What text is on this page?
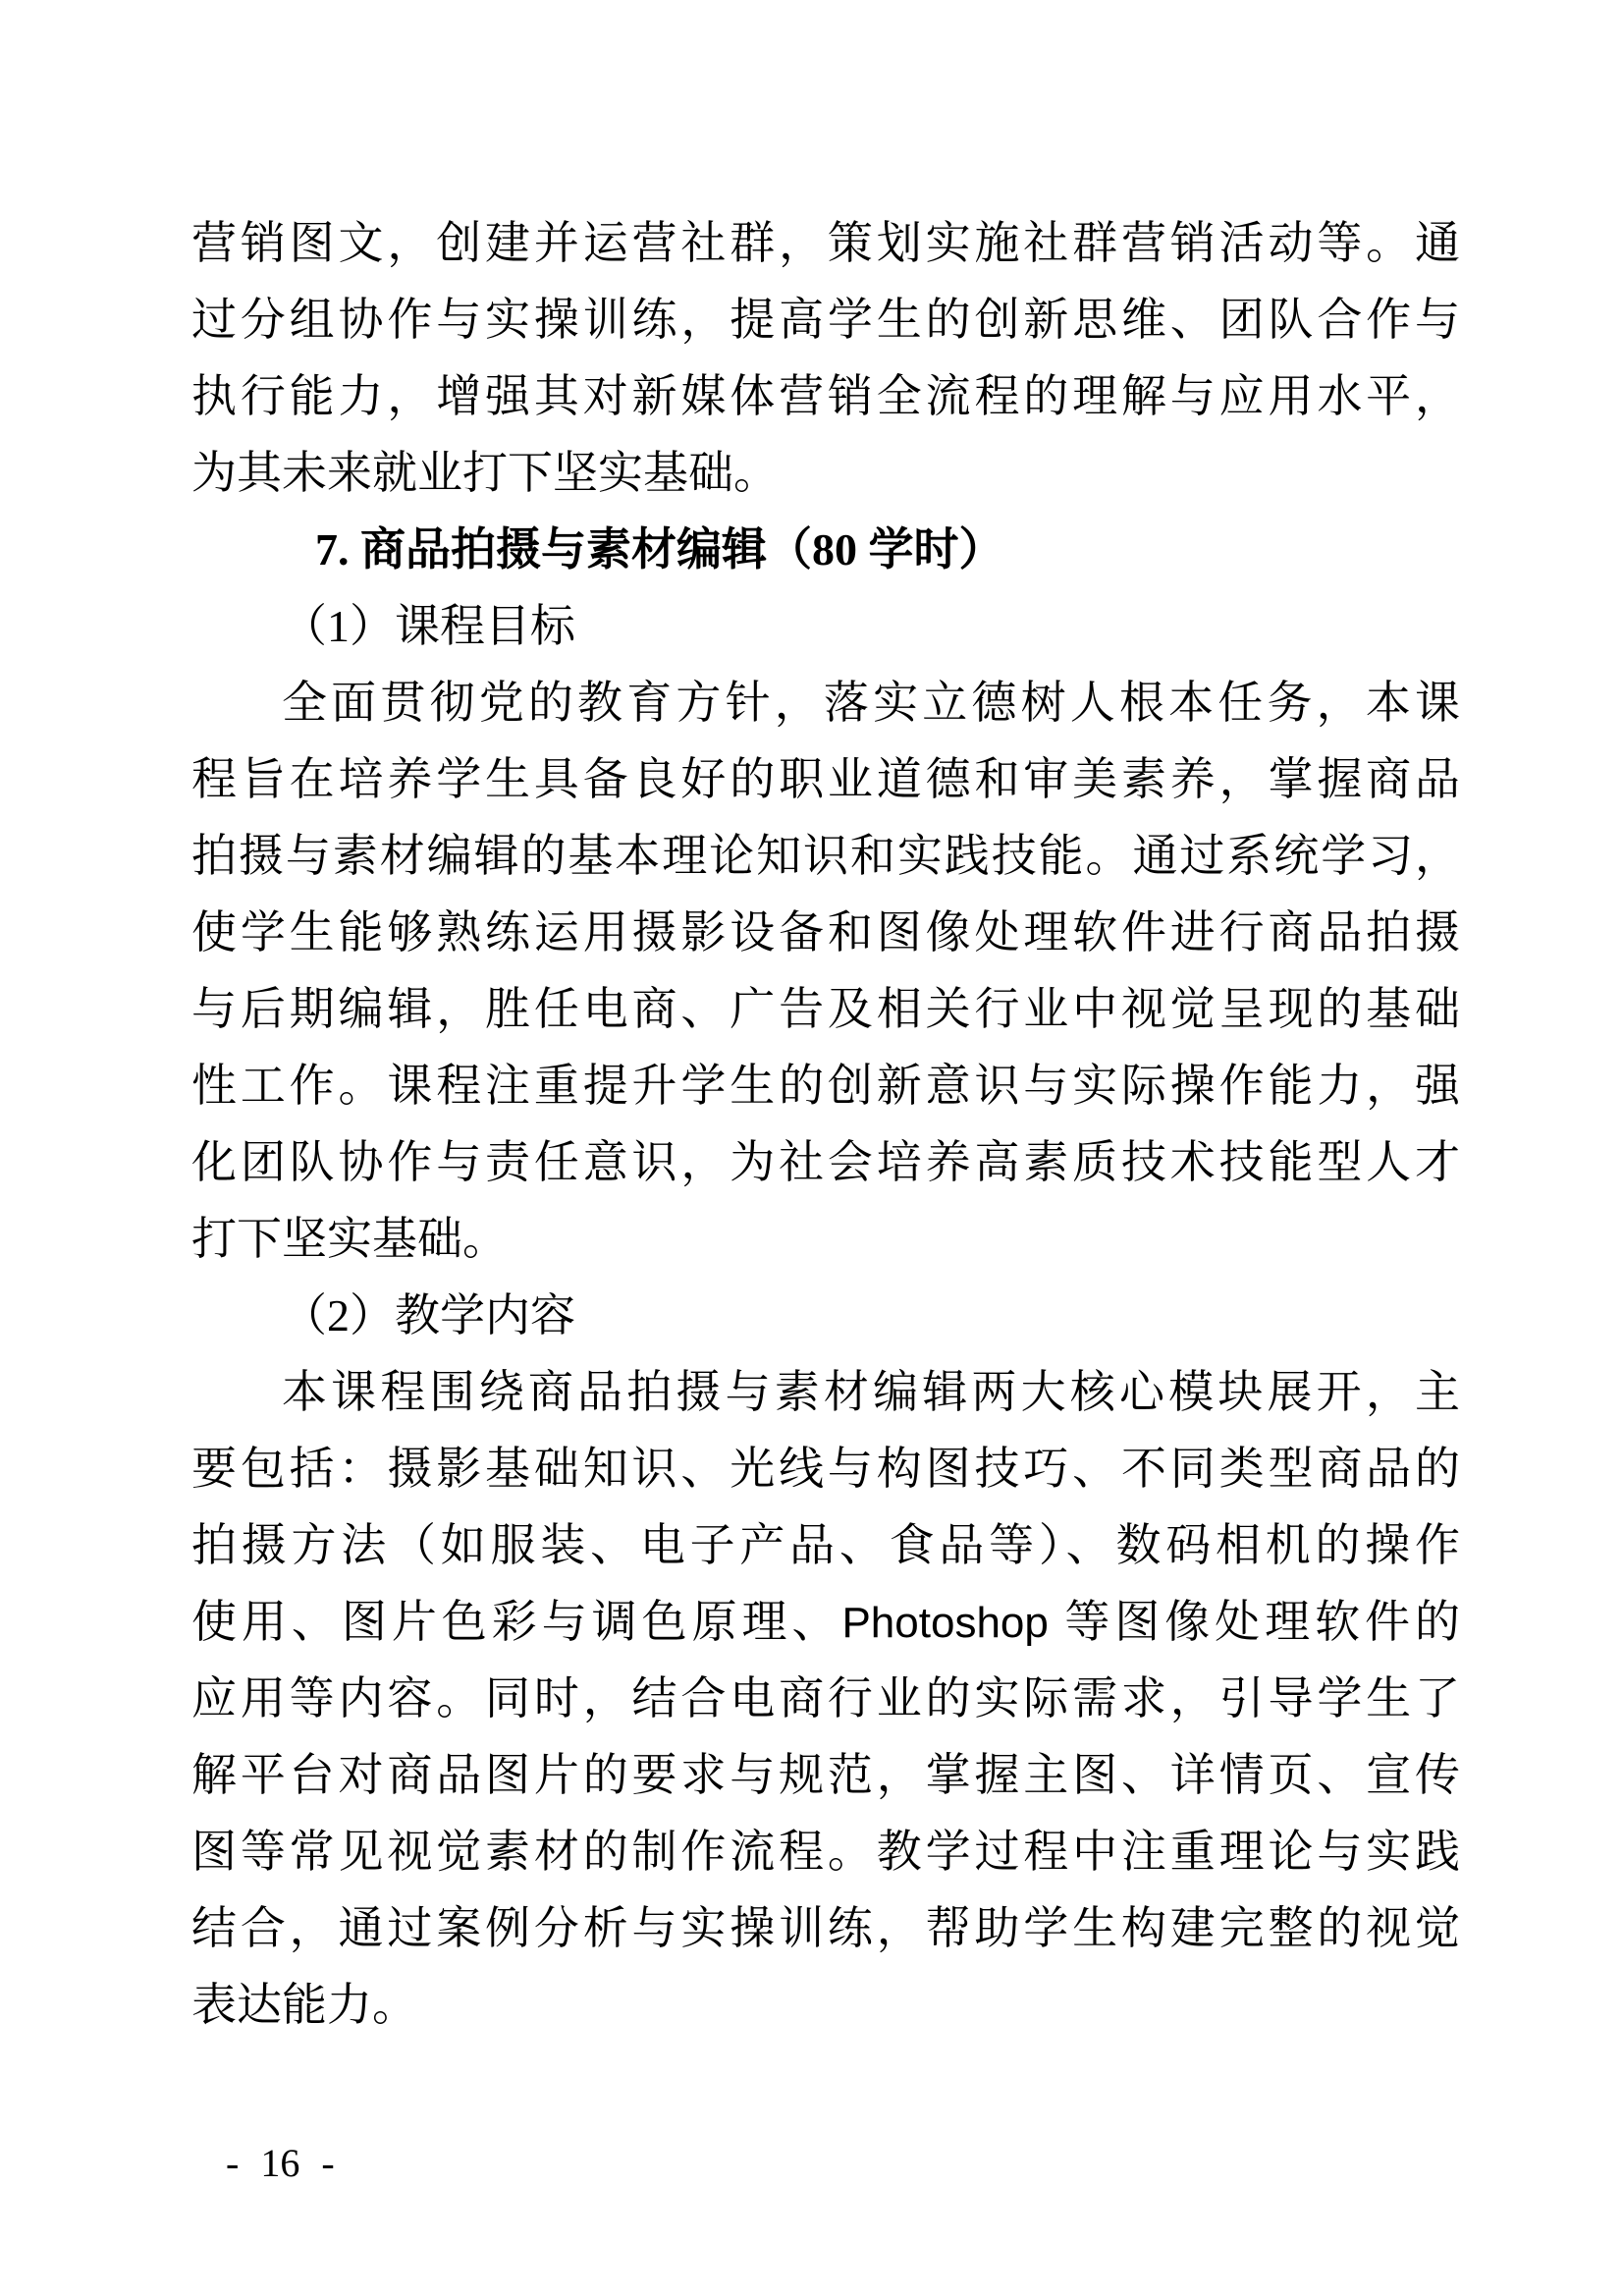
营销图文，创建并运营社群，策划实施社群营销活动等。通
过分组协作与实操训练，提高学生的创新思维、团队合作与
执行能力，增强其对新媒体营销全流程的理解与应用水平，
为其未来就业打下坚实基础。
7. 商品拍摄与素材编辑（80 学时）
（1）课程目标
全面贯彻党的教育方针，落实立德树人根本任务，本课
程旨在培养学生具备良好的职业道德和审美素养，掌握商品
拍摄与素材编辑的基本理论知识和实践技能。通过系统学习，
使学生能够熟练运用摄影设备和图像处理软件进行商品拍摄
与后期编辑，胜任电商、广告及相关行业中视觉呈现的基础
性工作。课程注重提升学生的创新意识与实际操作能力，强
化团队协作与责任意识，为社会培养高素质技术技能型人才
打下坚实基础。
（2）教学内容
本课程围绕商品拍摄与素材编辑两大核心模块展开，主
要包括：摄影基础知识、光线与构图技巧、不同类型商品的
拍摄方法（如服装、电子产品、食品等）、数码相机的操作
使用、图片色彩与调色原理、Photoshop 等图像处理软件的
应用等内容。同时，结合电商行业的实际需求，引导学生了
解平台对商品图片的要求与规范，掌握主图、详情页、宣传
图等常见视觉素材的制作流程。教学过程中注重理论与实践
结合，通过案例分析与实操训练，帮助学生构建完整的视觉
表达能力。
- 16 -
